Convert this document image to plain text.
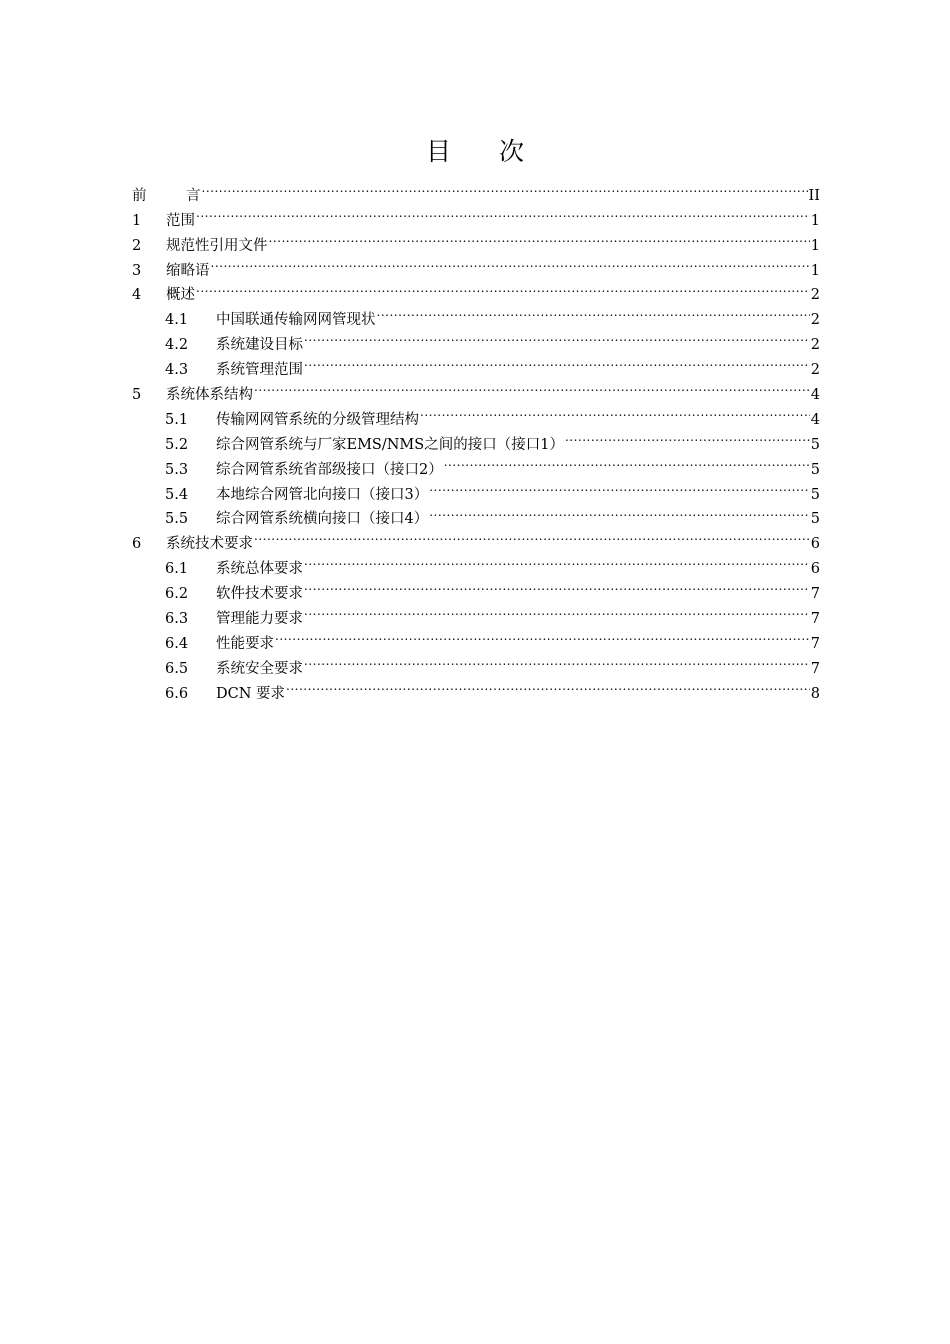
目 次
前	言 .....	II
1	范围 .....	1
2	规范性引用文件 .....	1
3	缩略语 .....	1
4	概述 .....	2
4.1	中国联通传输网网管现状 .....	2
4.2	系统建设目标 .....	2
4.3	系统管理范围 .....	2
5	系统体系结构 .....	4
5.1	传输网网管系统的分级管理结构 .....	4
5.2	综合网管系统与厂家EMS/NMS之间的接口（接口1） .....	5
5.3	综合网管系统省部级接口（接口2） .....	5
5.4	本地综合网管北向接口（接口3） .....	5
5.5	综合网管系统横向接口（接口4） .....	5
6	系统技术要求 .....	6
6.1	系统总体要求 .....	6
6.2	软件技术要求 .....	7
6.3	管理能力要求 .....	7
6.4	性能要求 .....	7
6.5	系统安全要求 .....	7
6.6	DCN 要求 .....	8
